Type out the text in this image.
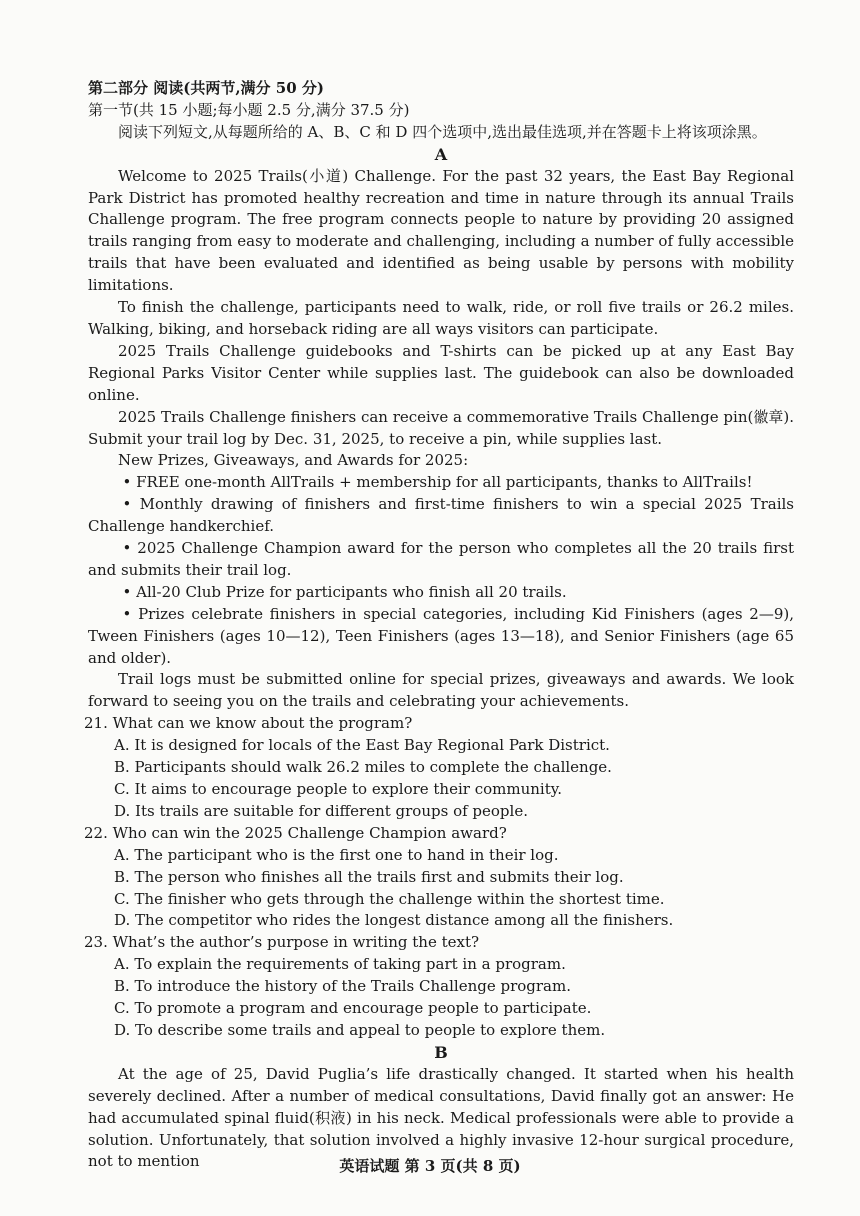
第二部分 阅读(共两节,满分 50 分)
第一节(共 15 小题;每小题 2.5 分,满分 37.5 分)
阅读下列短文,从每题所给的 A、B、C 和 D 四个选项中,选出最佳选项,并在答题卡上将该项涂黑。
A
Welcome to 2025 Trails(小道) Challenge. For the past 32 years, the East Bay Regional Park District has promoted healthy recreation and time in nature through its annual Trails Challenge program. The free program connects people to nature by providing 20 assigned trails ranging from easy to moderate and challenging, including a number of fully accessible trails that have been evaluated and identified as being usable by persons with mobility limitations.
To finish the challenge, participants need to walk, ride, or roll five trails or 26.2 miles. Walking, biking, and horseback riding are all ways visitors can participate.
2025 Trails Challenge guidebooks and T-shirts can be picked up at any East Bay Regional Parks Visitor Center while supplies last. The guidebook can also be downloaded online.
2025 Trails Challenge finishers can receive a commemorative Trails Challenge pin(徽章). Submit your trail log by Dec. 31, 2025, to receive a pin, while supplies last.
New Prizes, Giveaways, and Awards for 2025:
• FREE one-month AllTrails + membership for all participants, thanks to AllTrails!
• Monthly drawing of finishers and first-time finishers to win a special 2025 Trails Challenge handkerchief.
• 2025 Challenge Champion award for the person who completes all the 20 trails first and submits their trail log.
• All-20 Club Prize for participants who finish all 20 trails.
• Prizes celebrate finishers in special categories, including Kid Finishers (ages 2—9), Tween Finishers (ages 10—12), Teen Finishers (ages 13—18), and Senior Finishers (age 65 and older).
Trail logs must be submitted online for special prizes, giveaways and awards. We look forward to seeing you on the trails and celebrating your achievements.
21. What can we know about the program?
A. It is designed for locals of the East Bay Regional Park District.
B. Participants should walk 26.2 miles to complete the challenge.
C. It aims to encourage people to explore their community.
D. Its trails are suitable for different groups of people.
22. Who can win the 2025 Challenge Champion award?
A. The participant who is the first one to hand in their log.
B. The person who finishes all the trails first and submits their log.
C. The finisher who gets through the challenge within the shortest time.
D. The competitor who rides the longest distance among all the finishers.
23. What’s the author’s purpose in writing the text?
A. To explain the requirements of taking part in a program.
B. To introduce the history of the Trails Challenge program.
C. To promote a program and encourage people to participate.
D. To describe some trails and appeal to people to explore them.
B
At the age of 25, David Puglia’s life drastically changed. It started when his health severely declined. After a number of medical consultations, David finally got an answer: He had accumulated spinal fluid(积液) in his neck. Medical professionals were able to provide a solution. Unfortunately, that solution involved a highly invasive 12-hour surgical procedure, not to mention	英语试题 第 3 页(共 8 页)
